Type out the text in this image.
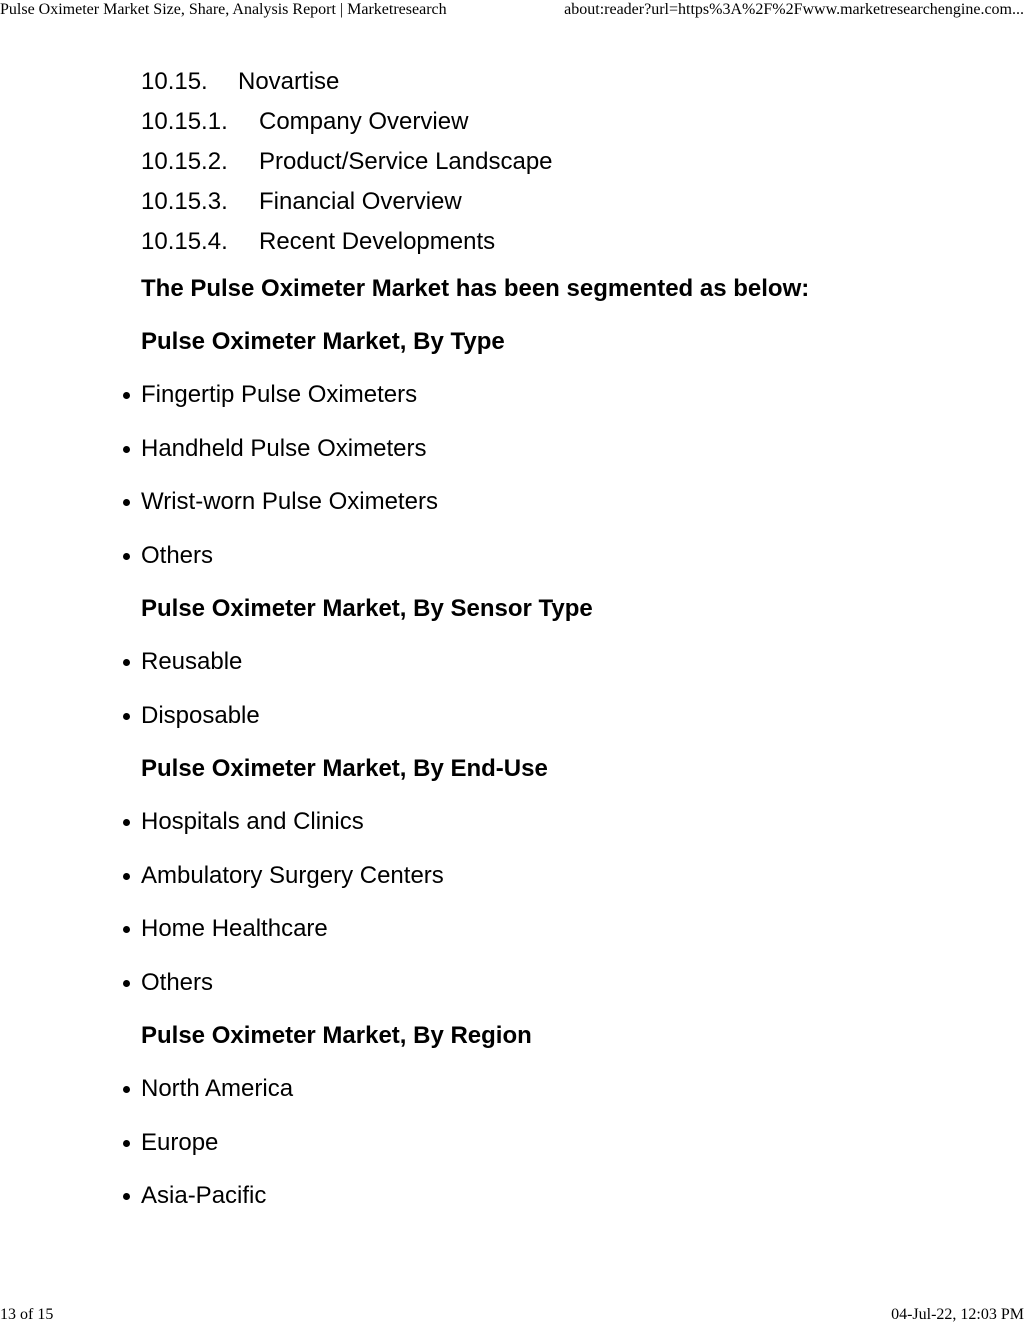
Pulse Oximeter Market Size, Share, Analysis Report | Marketresearch	about:reader?url=https%3A%2F%2Fwww.marketresearchengine.com...
10.15. Novartise
10.15.1. Company Overview
10.15.2. Product/Service Landscape
10.15.3. Financial Overview
10.15.4. Recent Developments

The Pulse Oximeter Market has been segmented as below:

Pulse Oximeter Market, By Type

Fingertip Pulse Oximeters
Handheld Pulse Oximeters
Wrist-worn Pulse Oximeters
Others

Pulse Oximeter Market, By Sensor Type

Reusable
Disposable

Pulse Oximeter Market, By End-Use

Hospitals and Clinics
Ambulatory Surgery Centers
Home Healthcare
Others

Pulse Oximeter Market, By Region

North America
Europe
Asia-Pacific
13 of 15	04-Jul-22, 12:03 PM
